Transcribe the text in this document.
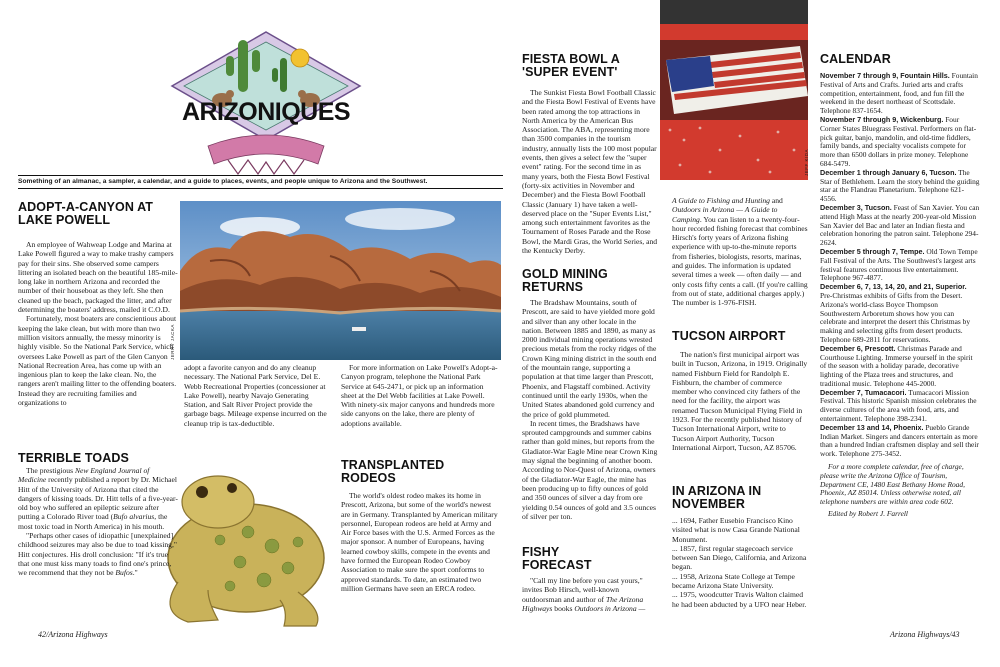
ARIZONIQUES
Something of an almanac, a sampler, a calendar, and a guide to places, events, and people unique to Arizona and the Southwest.
ADOPT-A-CANYON AT LAKE POWELL

An employee of Wahweap Lodge and Marina at Lake Powell figured a way to make trashy campers pay for their sins. She observed some campers littering an isolated beach on the beautiful 185-mile-long lake in northern Arizona and recorded the number of their houseboat as they left. She then cleaned up the beach, packaged the litter, and after determining the boaters' address, mailed it C.O.D.

Fortunately, most boaters are conscientious about keeping the lake clean, but with more than two million visitors annually, the messy minority is highly visible. So the National Park Service, which oversees Lake Powell as part of the Glen Canyon National Recreation Area, has come up with an ingenious plan to keep the lake clean. No, the rangers aren't mailing litter to the offending boaters. Instead they are recruiting families and organizations to

JERRY JACKA

adopt a favorite canyon and do any cleanup necessary. The National Park Service, Del E. Webb Recreational Properties (concessioner at Lake Powell), nearby Navajo Generating Station, and Salt River Project provide the garbage bags. Mileage expense incurred on the cleanup trip is tax-deductible.

For more information on Lake Powell's Adopt-a-Canyon program, telephone the National Park Service at 645-2471, or pick up an information sheet at the Del Webb facilities at Lake Powell. With ninety-six major canyons and hundreds more side canyons on the lake, there are plenty of adoptions available.

TERRIBLE TOADS

The prestigious New England Journal of Medicine recently published a report by Dr. Michael Hitt of the University of Arizona that cited the dangers of kissing toads. Dr. Hitt tells of a five-year-old boy who suffered an epileptic seizure after putting a Colorado River toad (Bufo alvarius, the most toxic toad in North America) in his mouth.

"Perhaps other cases of idiopathic [unexplained] childhood seizures may also be due to toad kissing," Hitt conjectures. His droll conclusion: "If it's true that one must kiss many toads to find one's prince, we recommend that they not be Bufos."

TRANSPLANTED RODEOS

The world's oldest rodeo makes its home in Prescott, Arizona, but some of the world's newest are in Germany. Transplanted by American military personnel, European rodeos are held at Army and Air Force bases with the U.S. Armed Forces as the major sponsor. A number of Europeans, having learned cowboy skills, compete in the events and have formed the European Rodeo Cowboy Association to make sure the sport conforms to approved standards. To date, an estimated two million Germans have seen an ERCA rodeo.

FIESTA BOWL A 'SUPER EVENT'

The Sunkist Fiesta Bowl Football Classic and the Fiesta Bowl Festival of Events have been rated among the top attractions in North America by the American Bus Association. The ABA, representing more than 3500 companies in the tourism industry, annually lists the 100 most popular events, then gives a select few the "super event" rating. For the second time in as many years, both the Fiesta Bowl Festival (forty-six activities in November and December) and the Fiesta Bowl Football Classic (January 1) have taken a well-deserved place on the "Super Events List," among such entertainment favorites as the Tournament of Roses Parade and the Rose Bowl, the Mardi Gras, the World Series, and the Kentucky Derby.

GOLD MINING RETURNS

The Bradshaw Mountains, south of Prescott, are said to have yielded more gold and silver than any other locale in the nation. Between 1885 and 1890, as many as 2000 individual mining operations wrested precious metals from the rocky ridges of the Crown King mining district in the south end of the mountain range, supporting a population at that time larger than Prescott, Phoenix, and Flagstaff combined. Activity continued until the early 1930s, when the United States abandoned gold currency and the price of gold plummeted.

In recent times, the Bradshaws have sprouted campgrounds and summer cabins rather than gold mines, but reports from the Gladiator-War Eagle Mine near Crown King may signal the beginning of another boom. According to Nor-Quest of Arizona, owners of the Gladiator-War Eagle, the mine has been producing up to fifty ounces of gold and 350 ounces of silver a day from ore yielding 0.54 ounces of gold and 3.5 ounces of silver per ton.

FISHY FORECAST

"Call my line before you cast yours," invites Bob Hirsch, well-known outdoorsman and author of The Arizona Highways books Outdoors in Arizona —

JEFF KIDA

A Guide to Fishing and Hunting and Outdoors in Arizona — A Guide to Camping. You can listen to a twenty-four-hour recorded fishing forecast that combines Hirsch's forty years of Arizona fishing experience with up-to-the-minute reports from fisheries, biologists, resorts, marinas, and guides. The information is updated several times a week — often daily — and only costs fifty cents a call. (If you're calling from out of state, additional charges apply.) The number is 1-976-FISH.

TUCSON AIRPORT

The nation's first municipal airport was built in Tucson, Arizona, in 1919. Originally named Fishburn Field for Randolph E. Fishburn, the chamber of commerce member who convinced city fathers of the need for the facility, the airport was renamed Tucson Municipal Flying Field in 1923. For the recently published history of Tucson International Airport, write to Tucson Airport Authority, Tucson International Airport, Tucson, AZ 85706.

IN ARIZONA IN NOVEMBER

... 1694, Father Eusebio Francisco Kino visited what is now Casa Grande National Monument.

... 1857, first regular stagecoach service between San Diego, California, and Arizona began.

... 1958, Arizona State College at Tempe became Arizona State University.

... 1975, woodcutter Travis Walton claimed he had been abducted by a UFO near Heber.

CALENDAR

November 7 through 9, Fountain Hills. Fountain Festival of Arts and Crafts. Juried arts and crafts competition, entertainment, food, and fun fill the weekend in the desert northeast of Scottsdale. Telephone 837-1654.

November 7 through 9, Wickenburg. Four Corner States Bluegrass Festival. Performers on flat-pick guitar, banjo, mandolin, and old-time fiddlers, family bands, and specialty vocalists compete for more than 6500 dollars in prize money. Telephone 684-5479.

December 1 through January 6, Tucson. The Star of Bethlehem. Learn the story behind the guiding star at the Flandrau Planetarium. Telephone 621-4556.

December 3, Tucson. Feast of San Xavier. You can attend High Mass at the nearly 200-year-old Mission San Xavier del Bac and later an Indian fiesta and celebration honoring the patron saint. Telephone 294-2624.

December 5 through 7, Tempe. Old Town Tempe Fall Festival of the Arts. The Southwest's largest arts festival features continuous live entertainment. Telephone 967-4877.

December 6, 7, 13, 14, 20, and 21, Superior. Pre-Christmas exhibits of Gifts from the Desert. Arizona's world-class Boyce Thompson Southwestern Arboretum shows how you can celebrate and interpret the desert this Christmas by making and selecting gifts from desert products. Telephone 689-2811 for reservations.

December 6, Prescott. Christmas Parade and Courthouse Lighting. Immerse yourself in the spirit of the season with a holiday parade, decorative lighting of the Plaza trees and structures, and traditional music. Telephone 445-2000.

December 7, Tumacacori. Tumacacori Mission Festival. This historic Spanish mission celebrates the diverse cultures of the area with food, arts, and entertainment. Telephone 398-2341.

December 13 and 14, Phoenix. Pueblo Grande Indian Market. Singers and dancers entertain as more than a hundred Indian craftsmen display and sell their work. Telephone 275-3452.

For a more complete calendar, free of charge, please write the Arizona Office of Tourism, Department CE, 1480 East Bethany Home Road, Phoenix, AZ 85014. Unless otherwise noted, all telephone numbers are within area code 602.

Edited by Robert J. Farrell

42/Arizona Highways	Arizona Highways/43
